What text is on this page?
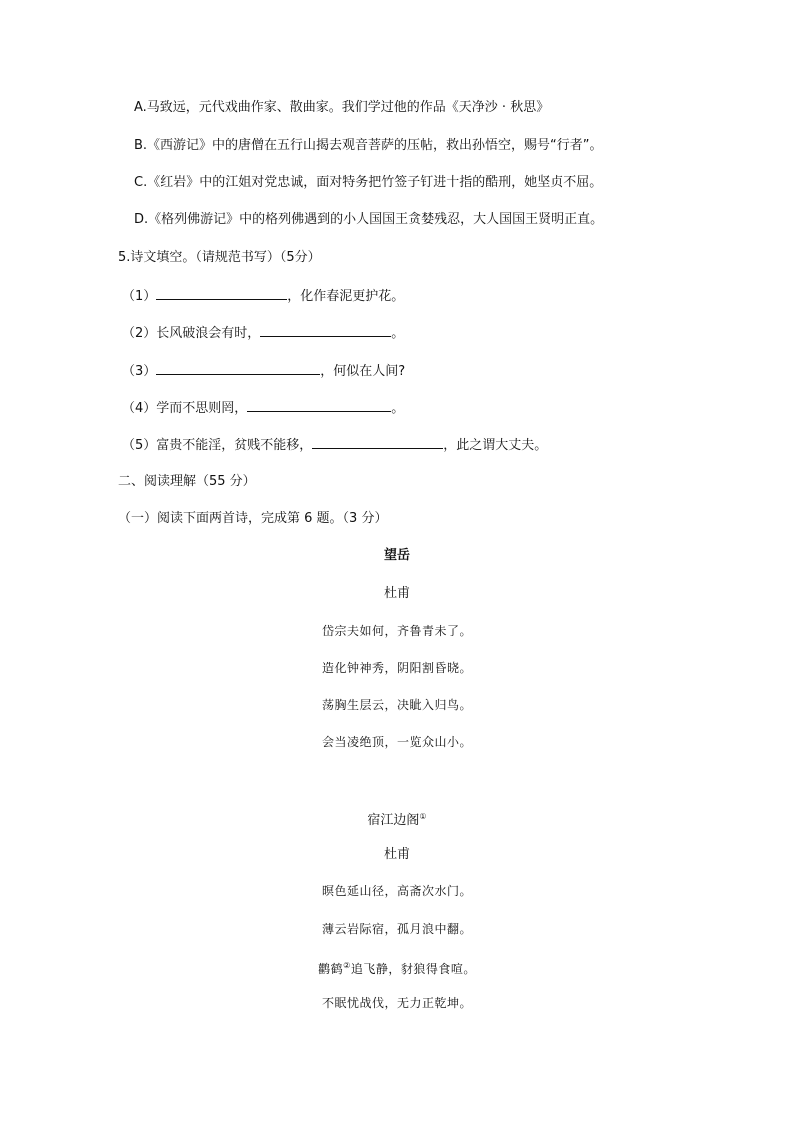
A.马致远，元代戏曲作家、散曲家。我们学过他的作品《天净沙 · 秋思》
B.《西游记》中的唐僧在五行山揭去观音菩萨的压帖，救出孙悟空，赐号“行者”。
C.《红岩》中的江姐对党忠诚，面对特务把竹签子钉进十指的酷刑，她坚贞不屈。
D.《格列佛游记》中的格列佛遇到的小人国国王贪婪残忍，大人国国王贤明正直。
5.诗文填空。（请规范书写）（5分）
（1）	，化作春泥更护花。
（2）长风破浪会有时，	。
（3）	，何似在人间?
（4）学而不思则罔，	。
（5）富贵不能淫，贫贱不能移，	，此之谓大丈夫。
二、阅读理解（55 分）
（一）阅读下面两首诗，完成第 6 题。（3 分）
望岳
杜甫
岱宗夫如何，齐鲁青未了。
造化钟神秀，阴阳割昏晓。
荡胸生层云，决眦入归鸟。
会当凌绝顶，一览众山小。
宿江边阁①
杜甫
暝色延山径，高斋次水门。
薄云岩际宿，孤月浪中翻。
鹳鹤②追飞静，豺狼得食喧。
不眠忧战伐，无力正乾坤。
